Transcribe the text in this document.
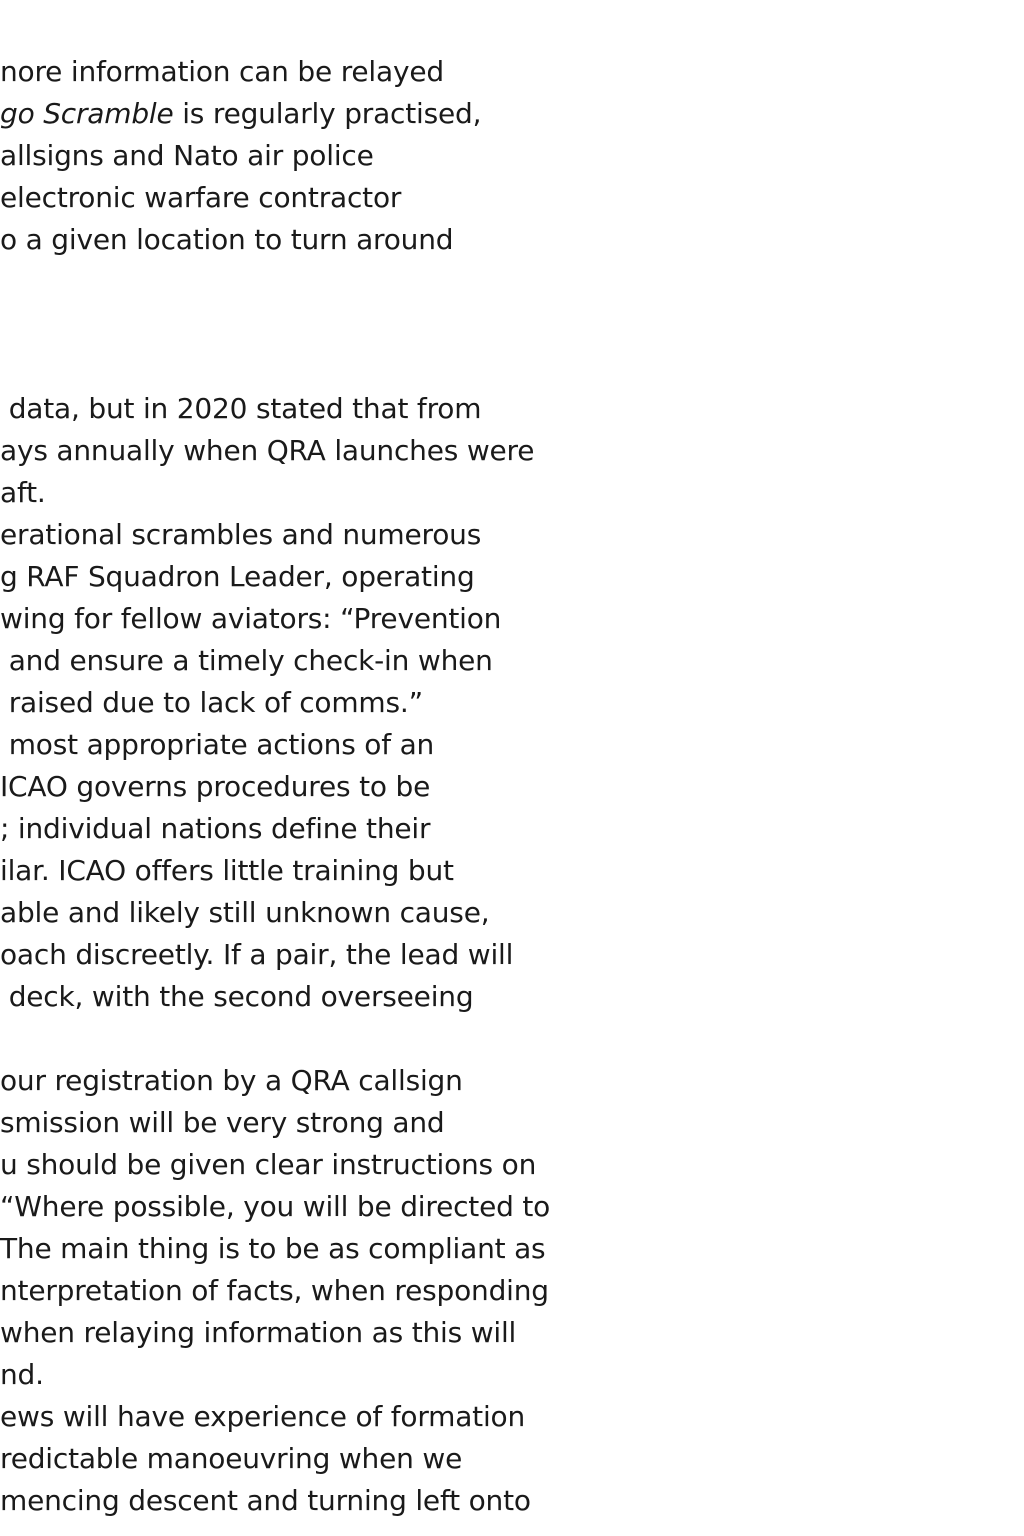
nore information can be relayed

go Scramble is regularly practised,

allsigns and Nato air police

electronic warfare contractor

o a given location to turn around

data, but in 2020 stated that from

ays annually when QRA launches were

aft.

erational scrambles and numerous

g RAF Squadron Leader, operating

wing for fellow aviators: “Prevention

and ensure a timely check-in when

raised due to lack of comms.”

most appropriate actions of an

ICAO governs procedures to be

; individual nations define their

ilar. ICAO offers little training but

able and likely still unknown cause,

oach discreetly. If a pair, the lead will

deck, with the second overseeing

our registration by a QRA callsign

smission will be very strong and

u should be given clear instructions on

“Where possible, you will be directed to

The main thing is to be as compliant as

nterpretation of facts, when responding

when relaying information as this will

nd.

ews will have experience of formation

redictable manoeuvring when we

mencing descent and turning left onto
